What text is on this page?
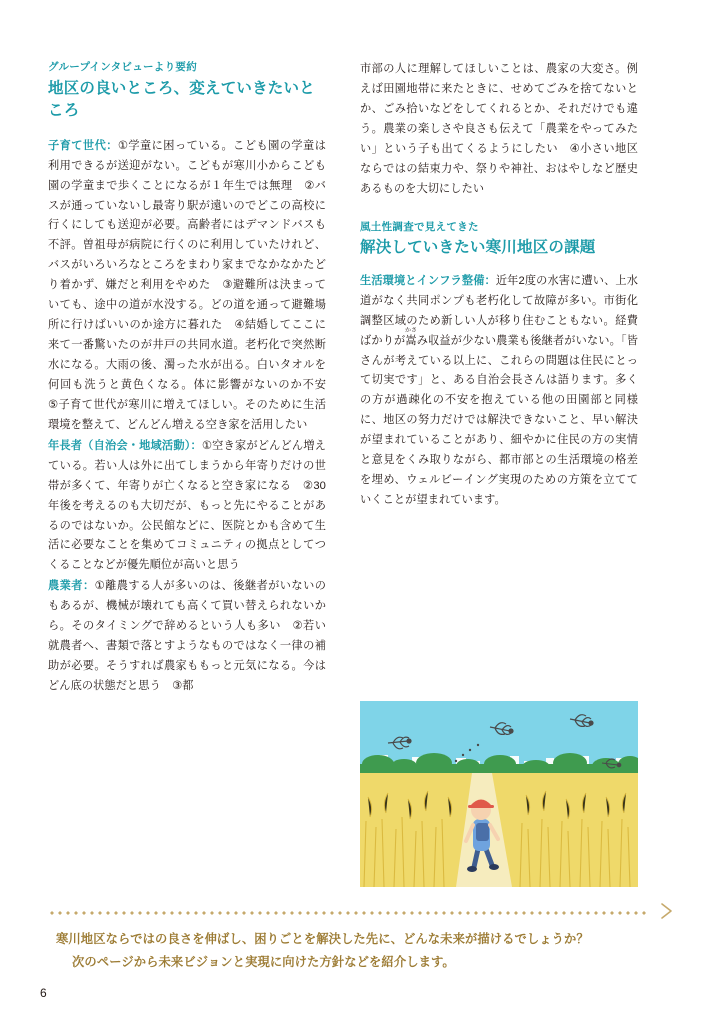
グループインタビューより要約

地区の良いところ、変えていきたいところ

子育て世代：①学童に困っている。こども園の学童は利用できるが送迎がない。こどもが寒川小からこども園の学童まで歩くことになるが１年生では無理　②バスが通っていないし最寄り駅が遠いのでどこの高校に行くにしても送迎が必要。高齢者にはデマンドバスも不評。曽祖母が病院に行くのに利用していたけれど、バスがいろいろなところをまわり家までなかなかたどり着かず、嫌だと利用をやめた　③避難所は決まっていても、途中の道が水没する。どの道を通って避難場所に行けばいいのか途方に暮れた　④結婚してここに来て一番驚いたのが井戸の共同水道。老朽化で突然断水になる。大雨の後、濁った水が出る。白いタオルを何回も洗うと黄色くなる。体に影響がないのか不安　⑤子育て世代が寒川に増えてほしい。そのために生活環境を整えて、どんどん増える空き家を活用したい

年長者（自治会・地域活動）：①空き家がどんどん増えている。若い人は外に出てしまうから年寄りだけの世帯が多くて、年寄りが亡くなると空き家になる　②30年後を考えるのも大切だが、もっと先にやることがあるのではないか。公民館などに、医院とかも含めて生活に必要なことを集めてコミュニティの拠点としてつくることなどが優先順位が高いと思う

農業者：①離農する人が多いのは、後継者がいないのもあるが、機械が壊れても高くて買い替えられないから。そのタイミングで辞めるという人も多い　②若い就農者へ、書類で落とすようなものではなく一律の補助が必要。そうすれば農家ももっと元気になる。今はどん底の状態だと思う　③都

市部の人に理解してほしいことは、農家の大変さ。例えば田園地帯に来たときに、せめてごみを捨てないとか、ごみ拾いなどをしてくれるとか、それだけでも違う。農業の楽しさや良さも伝えて「農業をやってみたい」という子も出てくるようにしたい　④小さい地区ならではの結束力や、祭りや神社、おはやしなど歴史あるものを大切にしたい

風土性調査で見えてきた

解決していきたい寒川地区の課題

生活環境とインフラ整備：近年2度の水害に遭い、上水道がなく共同ポンプも老朽化して故障が多い。市街化調整区域のため新しい人が移り住むこともない。経費ばかりが嵩かさみ収益が少ない農業も後継者がいない。「皆さんが考えている以上に、これらの問題は住民にとって切実です」と、ある自治会長さんは語ります。多くの方が過疎化の不安を抱えている他の田園部と同様に、地区の努力だけでは解決できないこと、早い解決が望まれていることがあり、細やかに住民の方の実情と意見をくみ取りながら、都市部との生活環境の格差を埋め、ウェルビーイング実現のための方策を立てていくことが望まれています。

寒川地区ならではの良さを伸ばし、困りごとを解決した先に、どんな未来が描けるでしょうか？
次のページから未来ビジョンと実現に向けた方針などを紹介します。
6
